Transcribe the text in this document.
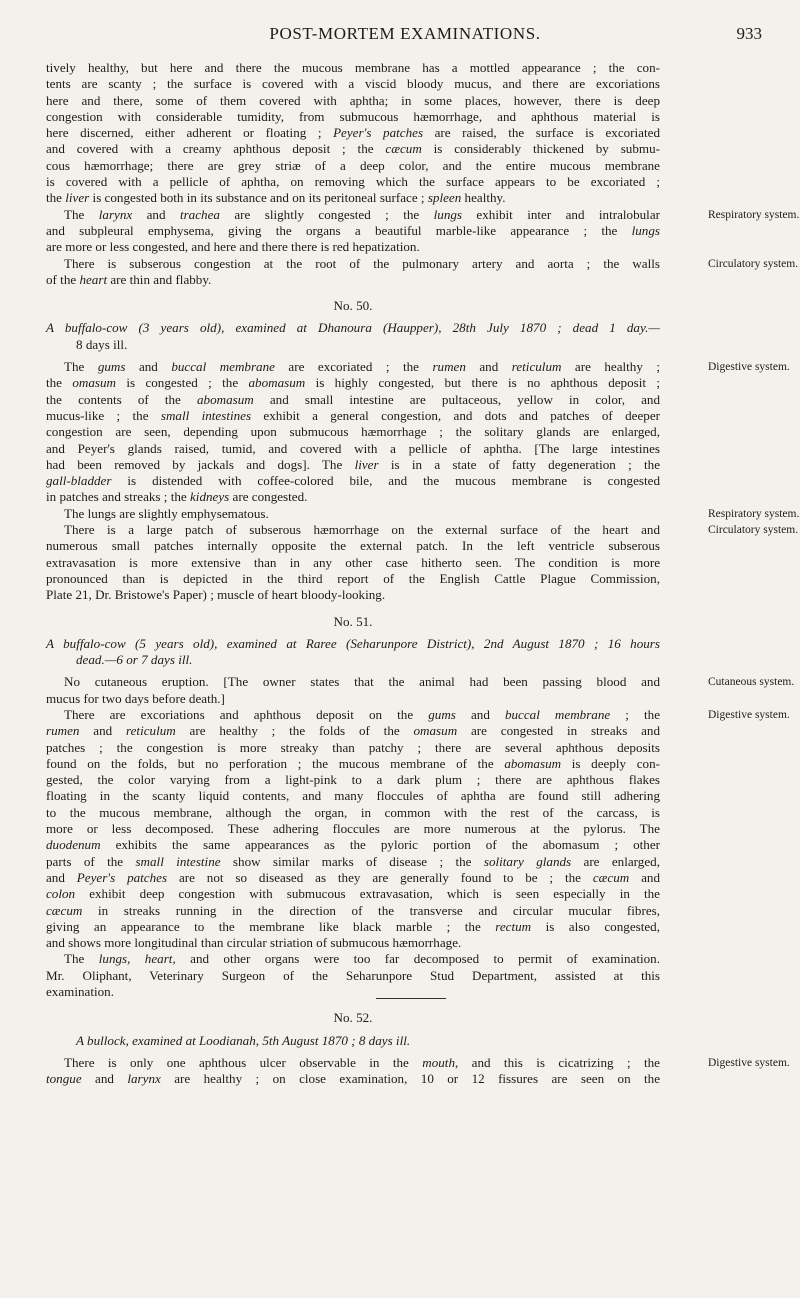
POST-MORTEM EXAMINATIONS.	933
tively healthy, but here and there the mucous membrane has a mottled appearance ; the con-
tents are scanty ; the surface is covered with a viscid bloody mucus, and there are excoriations
here and there, some of them covered with aphtha; in some places, however, there is deep
congestion with considerable tumidity, from submucous hæmorrhage, and aphthous material is
here discerned, either adherent or floating ; Peyer's patches are raised, the surface is excoriated
and covered with a creamy aphthous deposit ; the cæcum is considerably thickened by submu-
cous hæmorrhage; there are grey striæ of a deep color, and the entire mucous membrane
is covered with a pellicle of aphtha, on removing which the surface appears to be excoriated ;
the liver is congested both in its substance and on its peritoneal surface ; spleen healthy.
The larynx and trachea are slightly congested ; the lungs exhibit inter and intralobular	Respiratory system.
and subpleural emphysema, giving the organs a beautiful marble-like appearance ; the lungs
are more or less congested, and here and there there is red hepatization.
There is subserous congestion at the root of the pulmonary artery and aorta ; the walls	Circulatory system.
of the heart are thin and flabby.
No. 50.
A buffalo-cow (3 years old), examined at Dhanoura (Haupper), 28th July 1870 ; dead 1 day.—
8 days ill.
The gums and buccal membrane are excoriated ; the rumen and reticulum are healthy ;	Digestive system.
the omasum is congested ; the abomasum is highly congested, but there is no aphthous deposit ;
the contents of the abomasum and small intestine are pultaceous, yellow in color, and
mucus-like ; the small intestines exhibit a general congestion, and dots and patches of deeper
congestion are seen, depending upon submucous hæmorrhage ; the solitary glands are enlarged,
and Peyer's glands raised, tumid, and covered with a pellicle of aphtha. [The large intestines
had been removed by jackals and dogs]. The liver is in a state of fatty degeneration ; the
gall-bladder is distended with coffee-colored bile, and the mucous membrane is congested
in patches and streaks ; the kidneys are congested.
The lungs are slightly emphysematous.	Respiratory system.
There is a large patch of subserous hæmorrhage on the external surface of the heart and	Circulatory system.
numerous small patches internally opposite the external patch. In the left ventricle subserous
extravasation is more extensive than in any other case hitherto seen. The condition is more
pronounced than is depicted in the third report of the English Cattle Plague Commission,
Plate 21, Dr. Bristowe's Paper) ; muscle of heart bloody-looking.
No. 51.
A buffalo-cow (5 years old), examined at Raree (Seharunpore District), 2nd August 1870 ; 16 hours
dead.—6 or 7 days ill.
No cutaneous eruption. [The owner states that the animal had been passing blood and	Cutaneous system.
mucus for two days before death.]
There are excoriations and aphthous deposit on the gums and buccal membrane ; the	Digestive system.
rumen and reticulum are healthy ; the folds of the omasum are congested in streaks and
patches ; the congestion is more streaky than patchy ; there are several aphthous deposits
found on the folds, but no perforation ; the mucous membrane of the abomasum is deeply con-
gested, the color varying from a light-pink to a dark plum ; there are aphthous flakes
floating in the scanty liquid contents, and many floccules of aphtha are found still adhering
to the mucous membrane, although the organ, in common with the rest of the carcass, is
more or less decomposed. These adhering floccules are more numerous at the pylorus. The
duodenum exhibits the same appearances as the pyloric portion of the abomasum ; other
parts of the small intestine show similar marks of disease ; the solitary glands are enlarged,
and Peyer's patches are not so diseased as they are generally found to be ; the cæcum and
colon exhibit deep congestion with submucous extravasation, which is seen especially in the
cæcum in streaks running in the direction of the transverse and circular mucular fibres,
giving an appearance to the membrane like black marble ; the rectum is also congested,
and shows more longitudinal than circular striation of submucous hæmorrhage.
The lungs, heart, and other organs were too far decomposed to permit of examination.
Mr. Oliphant, Veterinary Surgeon of the Seharunpore Stud Department, assisted at this
examination.
No. 52.
A bullock, examined at Loodianah, 5th August 1870 ; 8 days ill.
There is only one aphthous ulcer observable in the mouth, and this is cicatrizing ; the	Digestive system.
tongue and larynx are healthy ; on close examination, 10 or 12 fissures are seen on the
